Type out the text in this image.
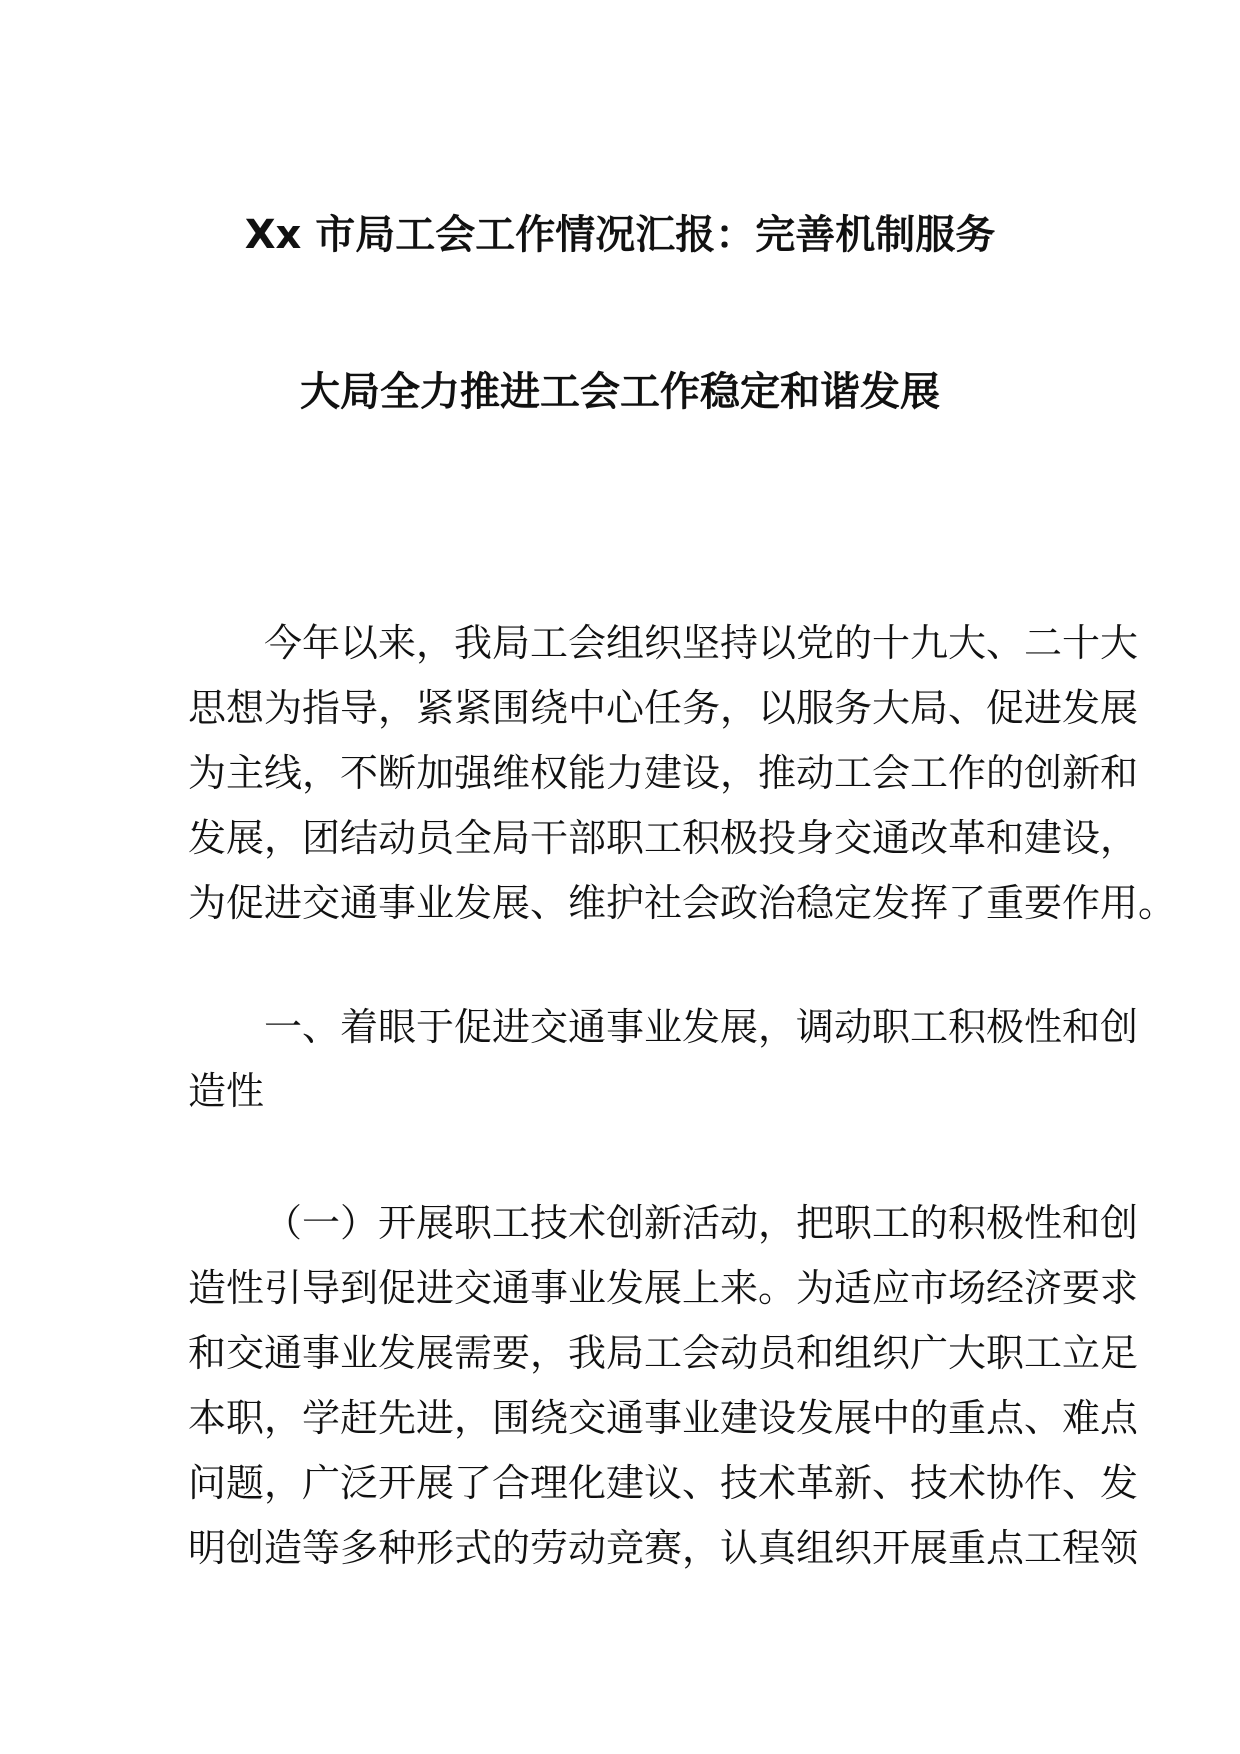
Xx 市局工会工作情况汇报：完善机制服务
大局全力推进工会工作稳定和谐发展
今年以来，我局工会组织坚持以党的十九大、二十大
思想为指导，紧紧围绕中心任务，以服务大局、促进发展
为主线，不断加强维权能力建设，推动工会工作的创新和
发展，团结动员全局干部职工积极投身交通改革和建设，
为促进交通事业发展、维护社会政治稳定发挥了重要作用。
一、着眼于促进交通事业发展，调动职工积极性和创
造性
（一）开展职工技术创新活动，把职工的积极性和创
造性引导到促进交通事业发展上来。为适应市场经济要求
和交通事业发展需要，我局工会动员和组织广大职工立足
本职，学赶先进，围绕交通事业建设发展中的重点、难点
问题，广泛开展了合理化建议、技术革新、技术协作、发
明创造等多种形式的劳动竞赛，认真组织开展重点工程领
